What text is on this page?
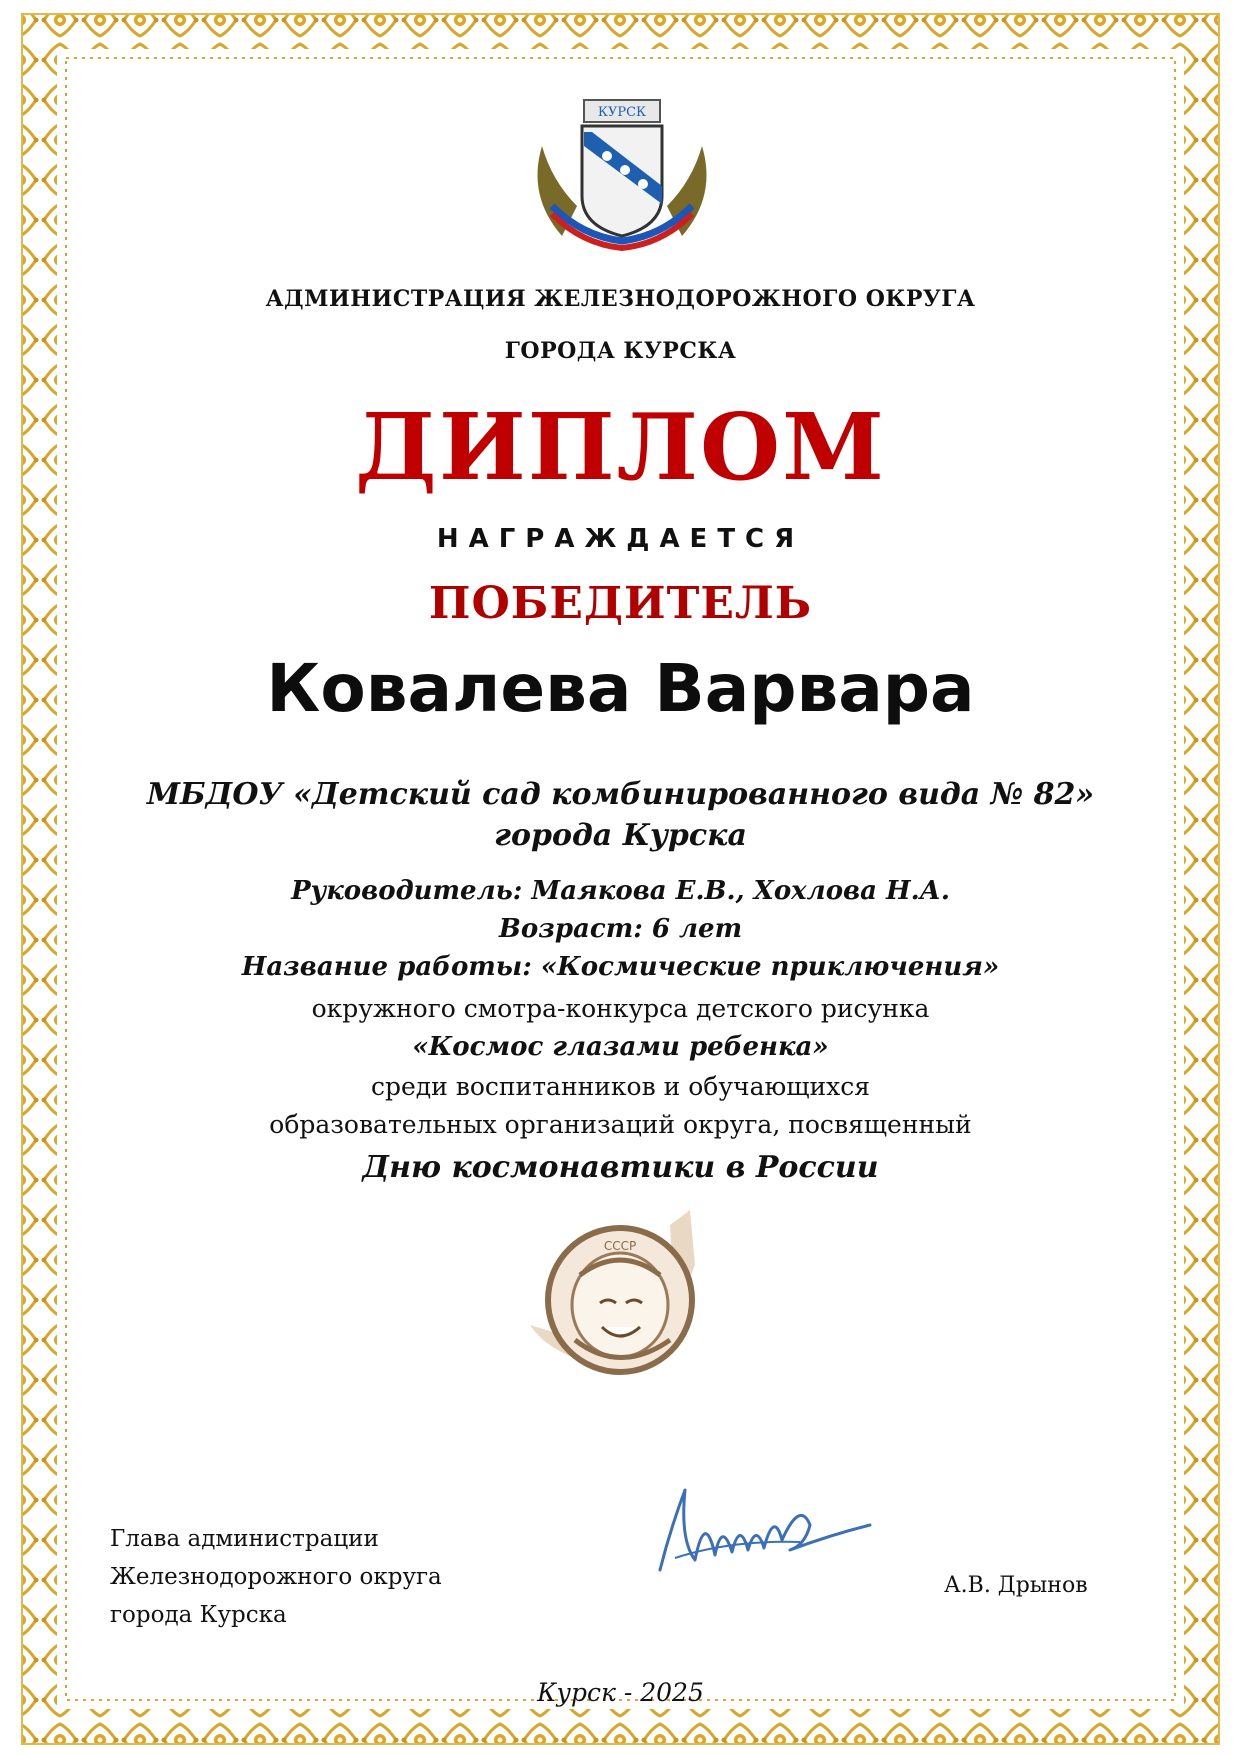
КУРСК
АДМИНИСТРАЦИЯ ЖЕЛЕЗНОДОРОЖНОГО ОКРУГА
ГОРОДА КУРСКА
ДИПЛОМ
НАГРАЖДАЕТСЯ
ПОБЕДИТЕЛЬ
Ковалева Варвара
МБДОУ «Детский сад комбинированного вида № 82»
города Курска
Руководитель: Маякова Е.В., Хохлова Н.А.
Возраст: 6 лет
Название работы: «Космические приключения»
окружного смотра-конкурса детского рисунка
«Космос глазами ребенка»
среди воспитанников и обучающихся
образовательных организаций округа, посвященный
Дню космонавтики в России
СССР
Глава администрации
Железнодорожного округа
города Курска
А.В. Дрынов
Курск - 2025
